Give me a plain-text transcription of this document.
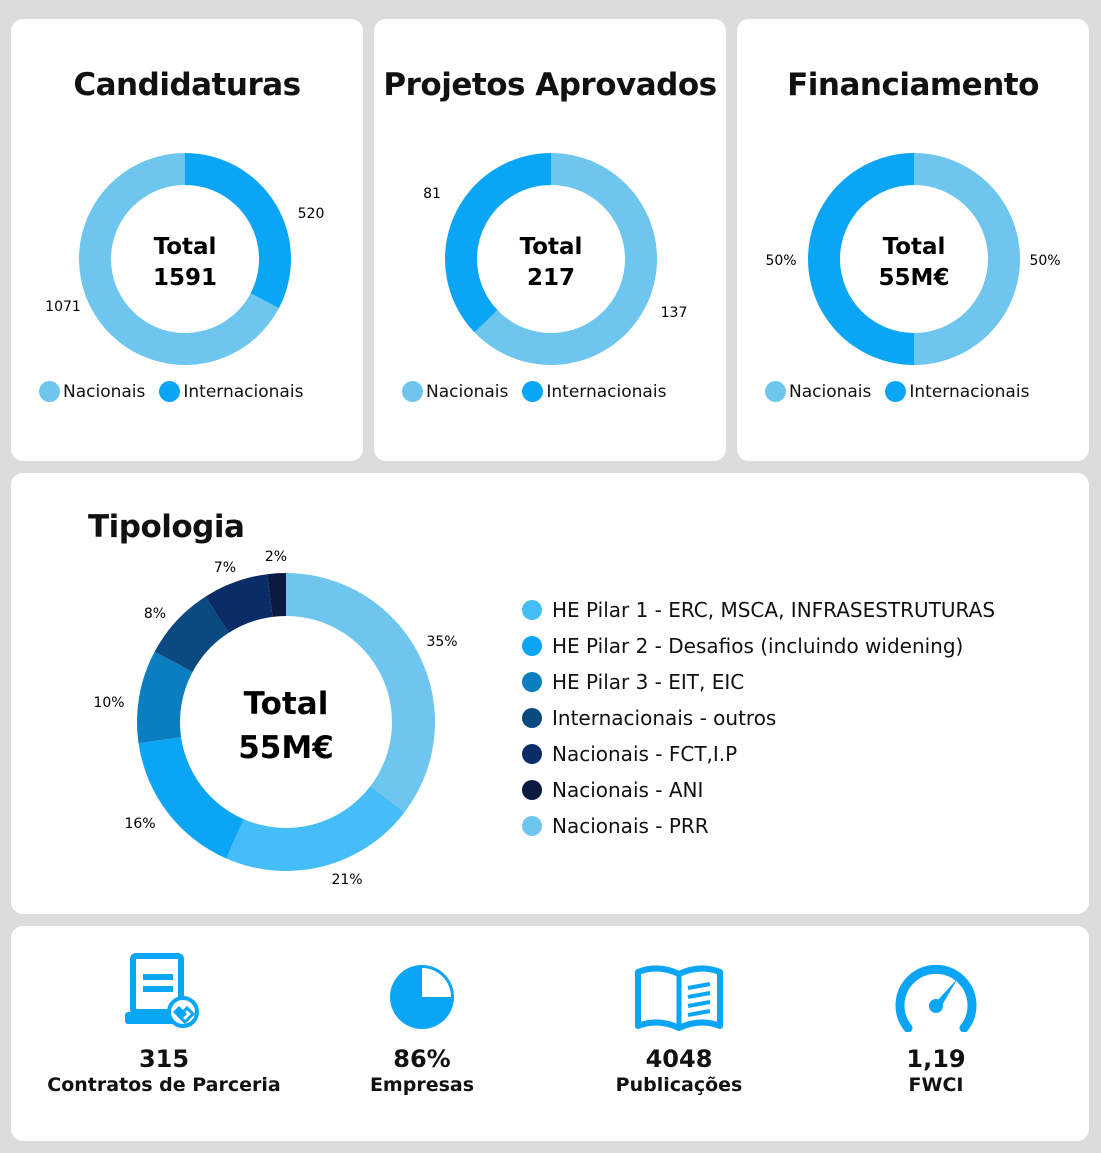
Candidaturas
Total
1591
1071
520
Nacionais Internacionais
Projetos Aprovados
Total
217
137
81
Nacionais Internacionais
Financiamento
Total
55M€
50%
50%
Nacionais Internacionais
Tipologia
Total
55M€
21%
16%
10%
8%
7%
2%
35%
HE Pilar 1 - ERC, MSCA, INFRASESTRUTURAS
HE Pilar 2 - Desafios (incluindo widening)
HE Pilar 3 - EIT, EIC
Internacionais - outros
Nacionais - FCT,I.P
Nacionais - ANI
Nacionais - PRR
315
Contratos de Parceria
86%
Empresas
4048
Publicações
1,19
FWCI
